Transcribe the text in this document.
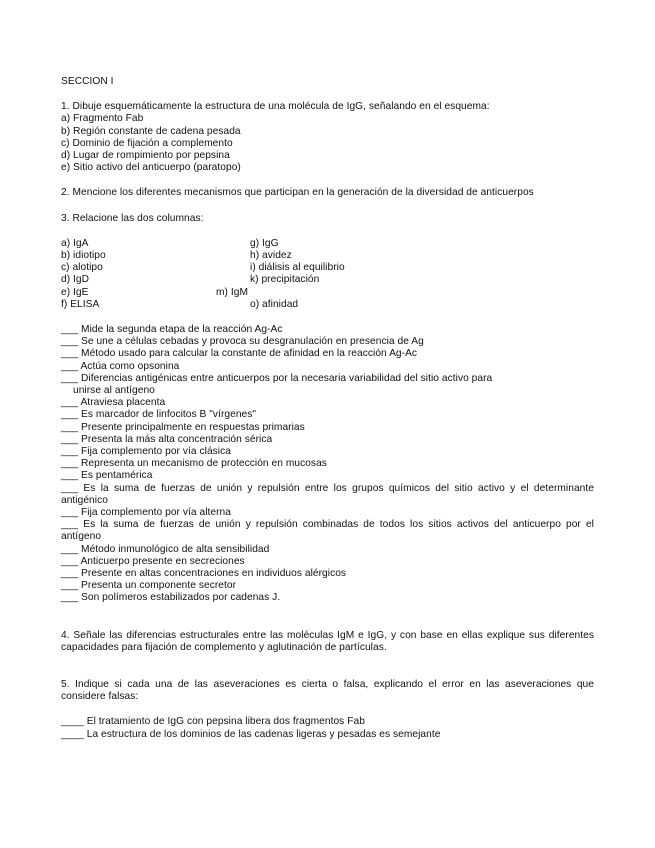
SECCION I
1. Dibuje esquemáticamente la estructura de una molécula de IgG, señalando en el esquema:
a) Fragmento Fab
b) Región constante de cadena pesada
c) Dominio de fijación a complemento
d) Lugar de rompimiento por pepsina
e) Sitio activo del anticuerpo (paratopo)
2. Mencione los diferentes mecanismos que participan en la generación de la diversidad de anticuerpos
3. Relacione las dos columnas:
a) IgA	g) IgG
b) idiotipo	h) avidez
c) alotipo	i) diálisis al equilibrio
d) IgD	k) precipitación
e) IgE	m) IgM
f) ELISA	o) afinidad
___ Mide la segunda etapa de la reacción Ag-Ac
___ Se une a células cebadas y provoca su desgranulación en presencia de Ag
___ Método usado para calcular la constante de afinidad en la reacción Ag-Ac
___ Actúa como opsonina
___ Diferencias antigénicas entre anticuerpos por la necesaria variabilidad del sitio activo para
unirse al antígeno
___ Atraviesa placenta
___ Es marcador de linfocitos B "vírgenes"
___ Presente principalmente en respuestas primarias
___ Presenta la más alta concentración sérica
___ Fija complemento por vía clásica
___ Representa un mecanismo de protección en mucosas
___ Es pentamérica
___ Es la suma de fuerzas de unión y repulsión entre los grupos químicos del sitio activo y el determinante antigénico
___ Fija complemento por vía alterna
___ Es la suma de fuerzas de unión y repulsión combinadas de todos los sitios activos del anticuerpo por el antígeno
___ Método inmunológico de alta sensibilidad
___ Anticuerpo presente en secreciones
___ Presente en altas concentraciones en individuos alérgicos
___ Presenta un componente secretor
___ Son polímeros estabilizados por cadenas J.
4. Señale las diferencias estructurales entre las moléculas IgM e IgG, y con base en ellas explique sus diferentes capacidades para fijación de complemento y aglutinación de partículas.
5. Indique si cada una de las aseveraciones es cierta o falsa, explicando el error en las aseveraciones que considere falsas:
____ El tratamiento de IgG con pepsina libera dos fragmentos Fab
____ La estructura de los dominios de las cadenas ligeras y pesadas es semejante
